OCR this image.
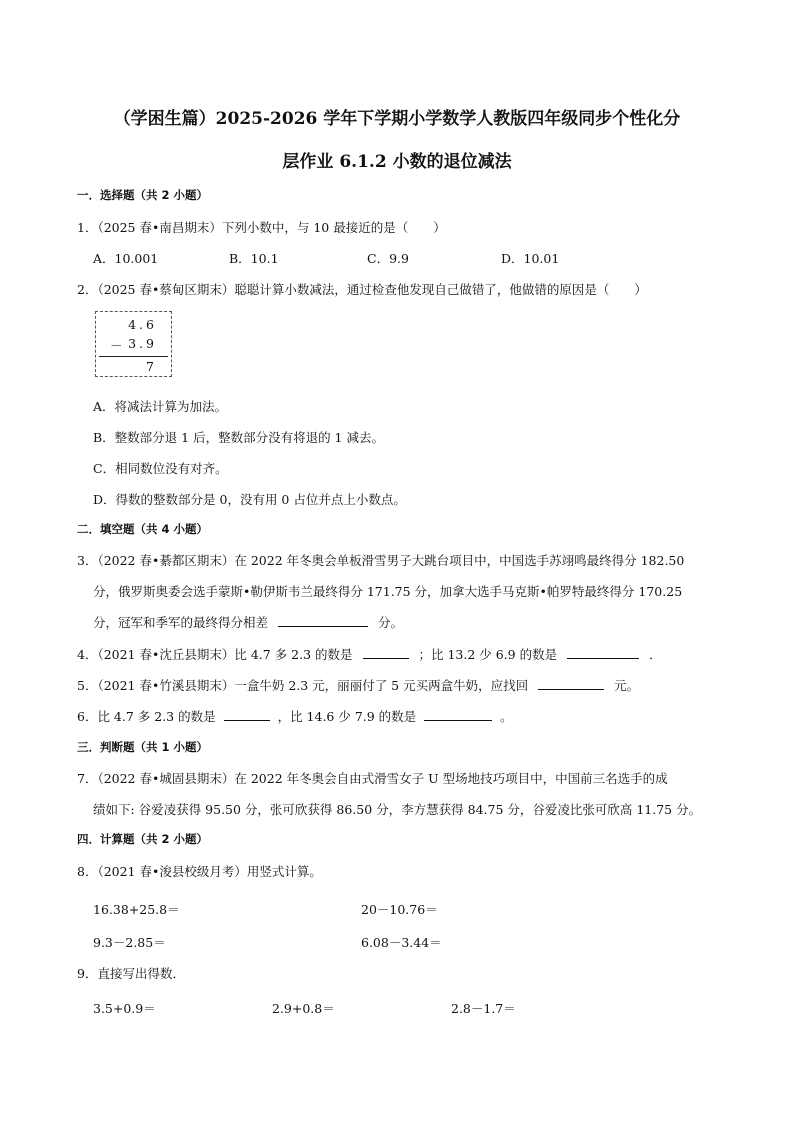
（学困生篇）2025-2026 学年下学期小学数学人教版四年级同步个性化分
层作业 6.1.2 小数的退位减法
一．选择题（共 2 小题）
1．（2025 春•南昌期末）下列小数中，与 10 最接近的是（　　）
A．10.001	B．10.1	C．9.9	D．10.01
2．（2025 春•蔡甸区期末）聪聪计算小数减法，通过检查他发现自己做错了，他做错的原因是（　　）
4.6
－ 3.9
7
A．将减法计算为加法。
B．整数部分退 1 后，整数部分没有将退的 1 减去。
C．相同数位没有对齐。
D．得数的整数部分是 0，没有用 0 占位并点上小数点。
二．填空题（共 4 小题）
3．（2022 春•綦都区期末）在 2022 年冬奥会单板滑雪男子大跳台项目中，中国选手苏翊鸣最终得分 182.50
分，俄罗斯奥委会选手蒙斯•勒伊斯韦兰最终得分 171.75 分，加拿大选手马克斯•帕罗特最终得分 170.25
分，冠军和季军的最终得分相差	分。
4．（2021 春•沈丘县期末）比 4.7 多 2.3 的数是	；比 13.2 少 6.9 的数是	．
5．（2021 春•竹溪县期末）一盒牛奶 2.3 元，丽丽付了 5 元买两盒牛奶，应找回	元。
6．比 4.7 多 2.3 的数是	，比 14.6 少 7.9 的数是	。
三．判断题（共 1 小题）
7．（2022 春•城固县期末）在 2022 年冬奥会自由式滑雪女子 U 型场地技巧项目中，中国前三名选手的成
绩如下: 谷爱凌获得 95.50 分，张可欣获得 86.50 分，李方慧获得 84.75 分，谷爱凌比张可欣高 11.75 分。
四．计算题（共 2 小题）
8．（2021 春•浚县校级月考）用竖式计算。
16.38+25.8＝	20－10.76＝
9.3－2.85＝	6.08－3.44＝
9．直接写出得数．
3.5+0.9＝	2.9+0.8＝	2.8－1.7＝
